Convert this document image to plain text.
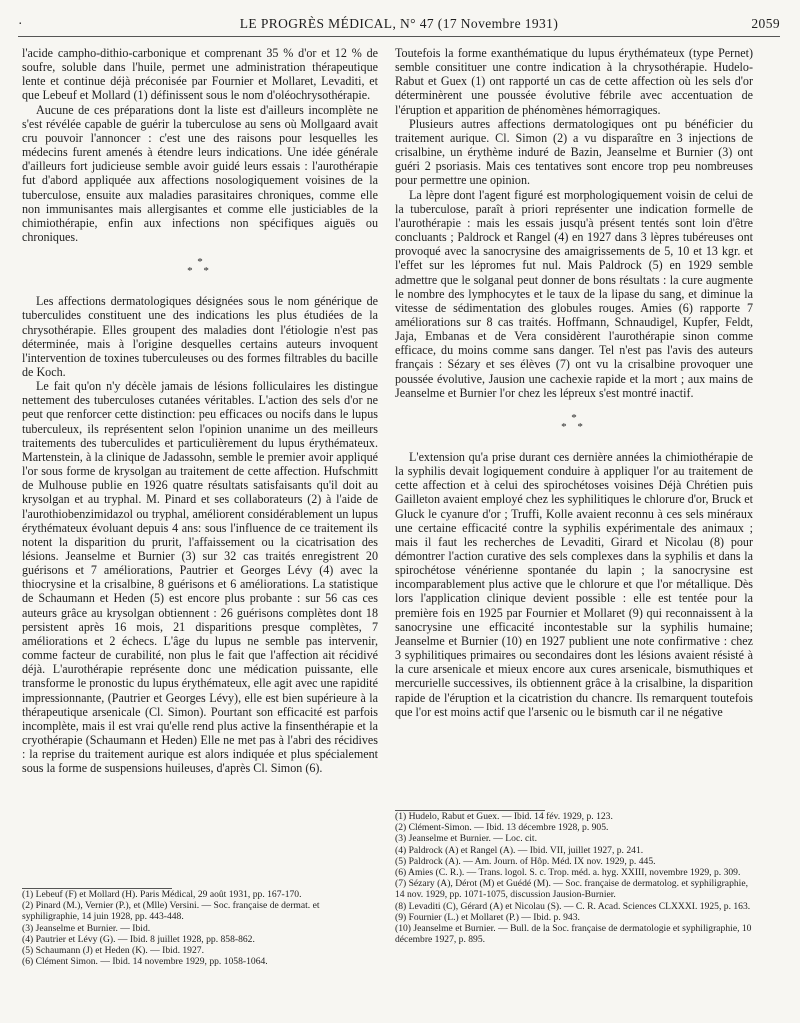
·	LE PROGRÈS MÉDICAL, N° 47 (17 Novembre 1931)	2059

l'acide campho-dithio-carbonique et comprenant 35 % d'or et 12 % de soufre, soluble dans l'huile, permet une administration thérapeutique lente et continue déjà préconisée par Fournier et Mollaret, Levaditi, et que Lebeuf et Mollard (1) définissent sous le nom d'oléochrysothérapie.

Aucune de ces préparations dont la liste est d'ailleurs incomplète ne s'est révélée capable de guérir la tuberculose au sens où Mollgaard avait cru pouvoir l'annoncer : c'est une des raisons pour lesquelles les médecins furent amenés à étendre leurs indications. Une idée générale d'ailleurs fort judicieuse semble avoir guidé leurs essais : l'aurothérapie fut d'abord appliquée aux affections nosologiquement voisines de la tuberculose, ensuite aux maladies parasitaires chroniques, comme elle non immunisantes mais allergisantes et comme elle justiciables de la chimiothérapie, enfin aux infections non spécifiques aiguës ou chroniques.

*
* *

Les affections dermatologiques désignées sous le nom générique de tuberculides constituent une des indications les plus étudiées de la chrysothérapie. Elles groupent des maladies dont l'étiologie n'est pas déterminée, mais à l'origine desquelles certains auteurs invoquent l'intervention de toxines tuberculeuses ou des formes filtrables du bacille de Koch.

Le fait qu'on n'y décèle jamais de lésions folliculaires les distingue nettement des tuberculoses cutanées véritables. L'action des sels d'or ne peut que renforcer cette distinction: peu efficaces ou nocifs dans le lupus tuberculeux, ils représentent selon l'opinion unanime un des meilleurs traitements des tuberculides et particulièrement du lupus érythémateux. Martenstein, à la clinique de Jadassohn, semble le premier avoir appliqué l'or sous forme de krysolgan au traitement de cette affection. Hufschmitt de Mulhouse publie en 1926 quatre résultats satisfaisants qu'il doit au krysolgan et au tryphal. M. Pinard et ses collaborateurs (2) à l'aide de l'aurothiobenzimidazol ou tryphal, améliorent considérablement un lupus érythémateux évoluant depuis 4 ans: sous l'influence de ce traitement ils notent la disparition du prurit, l'affaissement ou la cicatrisation des lésions. Jeanselme et Burnier (3) sur 32 cas traités enregistrent 20 guérisons et 7 améliorations, Pautrier et Georges Lévy (4) avec la thiocrysine et la crisalbine, 8 guérisons et 6 améliorations. La statistique de Schaumann et Heden (5) est encore plus probante : sur 56 cas ces auteurs grâce au krysolgan obtiennent : 26 guérisons complètes dont 18 persistent après 16 mois, 21 disparitions presque complètes, 7 améliorations et 2 échecs. L'âge du lupus ne semble pas intervenir, comme facteur de curabilité, non plus le fait que l'affection ait récidivé déjà. L'aurothérapie représente donc une médication puissante, elle transforme le pronostic du lupus érythémateux, elle agit avec une rapidité impressionnante, (Pautrier et Georges Lévy), elle est bien supérieure à la thérapeutique arsenicale (Cl. Simon). Pourtant son efficacité est parfois incomplète, mais il est vrai qu'elle rend plus active la finsenthérapie et la cryothérapie (Schaumann et Heden) Elle ne met pas à l'abri des récidives : la reprise du traitement aurique est alors indiquée et plus spécialement sous la forme de suspensions huileuses, d'après Cl. Simon (6).

(1) Lebeuf (F) et Mollard (H). Paris Médical, 29 août 1931, pp. 167-170.
(2) Pinard (M.), Vernier (P.), et (Mlle) Versini. — Soc. française de dermat. et syphiligraphie, 14 juin 1928, pp. 443-448.
(3) Jeanselme et Burnier. — Ibid.
(4) Pautrier et Lévy (G). — Ibid. 8 juillet 1928, pp. 858-862.
(5) Schaumann (J) et Heden (K). — Ibid. 1927.
(6) Clément Simon. — Ibid. 14 novembre 1929, pp. 1058-1064.

Toutefois la forme exanthématique du lupus érythémateux (type Pernet) semble consitituer une contre indication à la chrysothérapie. Hudelo-Rabut et Guex (1) ont rapporté un cas de cette affection où les sels d'or déterminèrent une poussée évolutive fébrile avec accentuation de l'éruption et apparition de phénomènes hémorragiques.

Plusieurs autres affections dermatologiques ont pu bénéficier du traitement aurique. Cl. Simon (2) a vu disparaître en 3 injections de crisalbine, un érythème induré de Bazin, Jeanselme et Burnier (3) ont guéri 2 psoriasis. Mais ces tentatives sont encore trop peu nombreuses pour permettre une opinion.

La lèpre dont l'agent figuré est morphologiquement voisin de celui de la tuberculose, paraît à priori représenter une indication formelle de l'aurothérapie : mais les essais jusqu'à présent tentés sont loin d'être concluants ; Paldrock et Rangel (4) en 1927 dans 3 lèpres tubéreuses ont provoqué avec la sanocrysine des amaigrissements de 5, 10 et 13 kgr. et l'effet sur les lépromes fut nul. Mais Paldrock (5) en 1929 semble admettre que le solganal peut donner de bons résultats : la cure augmente le nombre des lymphocytes et le taux de la lipase du sang, et diminue la vitesse de sédimentation des globules rouges. Amies (6) rapporte 7 améliorations sur 8 cas traités. Hoffmann, Schnaudigel, Kupfer, Feldt, Jaja, Embanas et de Vera considèrent l'aurothérapie sinon comme efficace, du moins comme sans danger. Tel n'est pas l'avis des auteurs français : Sézary et ses élèves (7) ont vu la crisalbine provoquer une poussée évolutive, Jausion une cachexie rapide et la mort ; aux mains de Jeanselme et Burnier l'or chez les lépreux s'est montré inactif.

*
* *

L'extension qu'a prise durant ces dernière années la chimiothérapie de la syphilis devait logiquement conduire à appliquer l'or au traitement de cette affection et à celui des spirochétoses voisines Déjà Chrétien puis Gailleton avaient employé chez les syphilitiques le chlorure d'or, Bruck et Gluck le cyanure d'or ; Truffi, Kolle avaient reconnu à ces sels minéraux une certaine efficacité contre la syphilis expérimentale des animaux ; mais il faut les recherches de Levaditi, Girard et Nicolau (8) pour démontrer l'action curative des sels complexes dans la syphilis et dans la spirochétose vénérienne spontanée du lapin ; la sanocrysine est incomparablement plus active que le chlorure et que l'or métallique. Dès lors l'application clinique devient possible : elle est tentée pour la première fois en 1925 par Fournier et Mollaret (9) qui reconnaissent à la sanocrysine une efficacité incontestable sur la syphilis humaine; Jeanselme et Burnier (10) en 1927 publient une note confirmative : chez 3 syphilitiques primaires ou secondaires dont les lésions avaient résisté à la cure arsenicale et mieux encore aux cures arsenicale, bismuthiques et mercurielle successives, ils obtiennent grâce à la crisalbine, la disparition rapide de l'éruption et la cicatristion du chancre. Ils remarquent toutefois que l'or est moins actif que l'arsenic ou le bismuth car il ne négative

(1) Hudelo, Rabut et Guex. — Ibid. 14 fév. 1929, p. 123.
(2) Clément-Simon. — Ibid. 13 décembre 1928, p. 905.
(3) Jeanselme et Burnier. — Loc. cit.
(4) Paldrock (A) et Rangel (A). — Ibid. VII, juillet 1927, p. 241.
(5) Paldrock (A). — Am. Journ. of Hôp. Méd. IX nov. 1929, p. 445.
(6) Amies (C. R.). — Trans. logol. S. c. Trop. méd. a. hyg. XXIII, novembre 1929, p. 309.
(7) Sézary (A), Dérot (M) et Guédé (M). — Soc. française de dermatolog. et syphiligraphie, 14 nov. 1929, pp. 1071-1075, discussion Jausion-Burnier.
(8) Levaditi (C), Gérard (A) et Nicolau (S). — C. R. Acad. Sciences CLXXXI. 1925, p. 163.
(9) Fournier (L.) et Mollaret (P.) — Ibid. p. 943.
(10) Jeanselme et Burnier. — Bull. de la Soc. française de dermatologie et syphiligraphie, 10 décembre 1927, p. 895.
